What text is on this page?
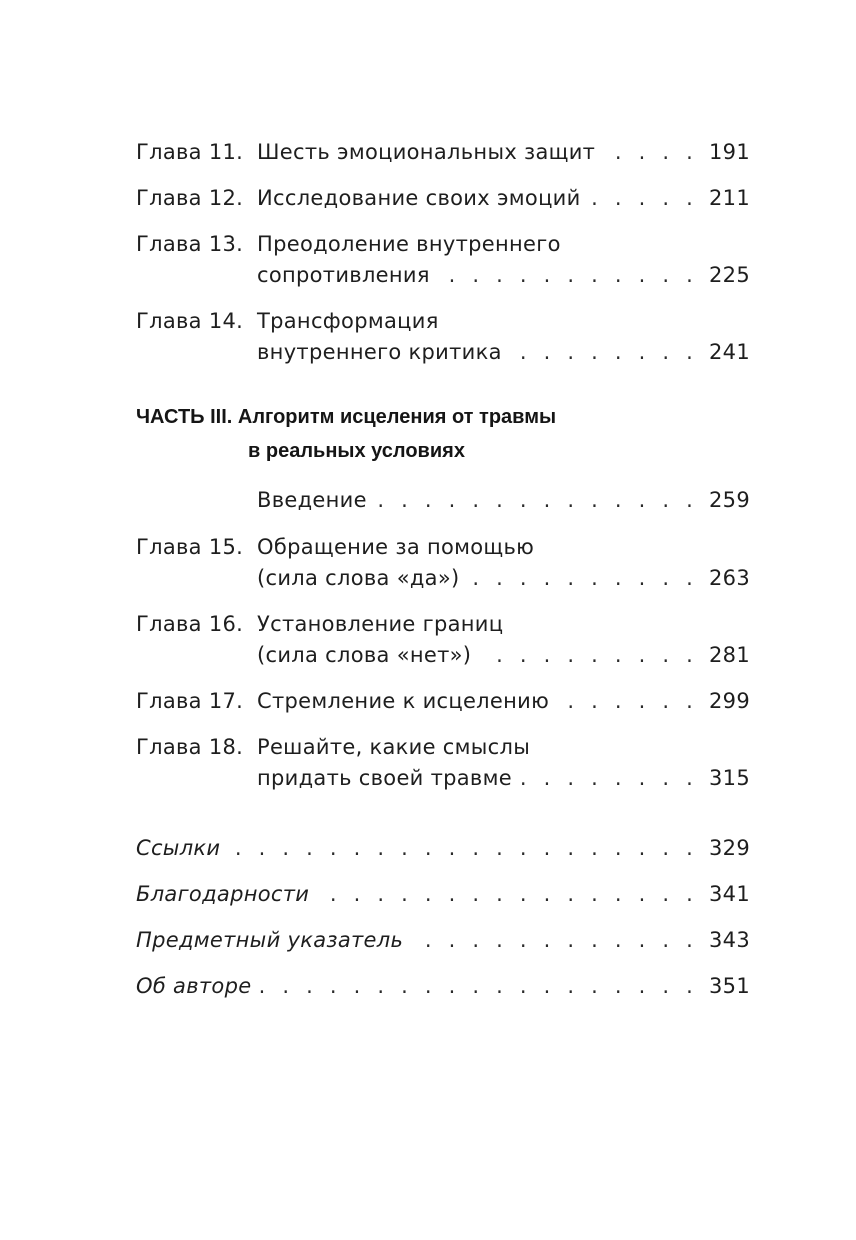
Глава 11. Шесть эмоциональных защит . . .	191
Глава 12. Исследование своих эмоций . . .	211
Глава 13. Преодоление внутреннего
сопротивления . . .	225
Глава 14. Трансформация
внутреннего критика . . .	241
ЧАСТЬ III. Алгоритм исцеления от травмы
в реальных условиях
Введение . . .	259
Глава 15. Обращение за помощью
(сила слова «да») . . .	263
Глава 16. Установление границ
(сила слова «нет») . . .	281
Глава 17. Стремление к исцелению . . .	299
Глава 18. Решайте, какие смыслы
придать своей травме . . .	315
Ссылки . . .	329
Благодарности . . .	341
Предметный указатель . . .	343
Об авторе . . .	351
